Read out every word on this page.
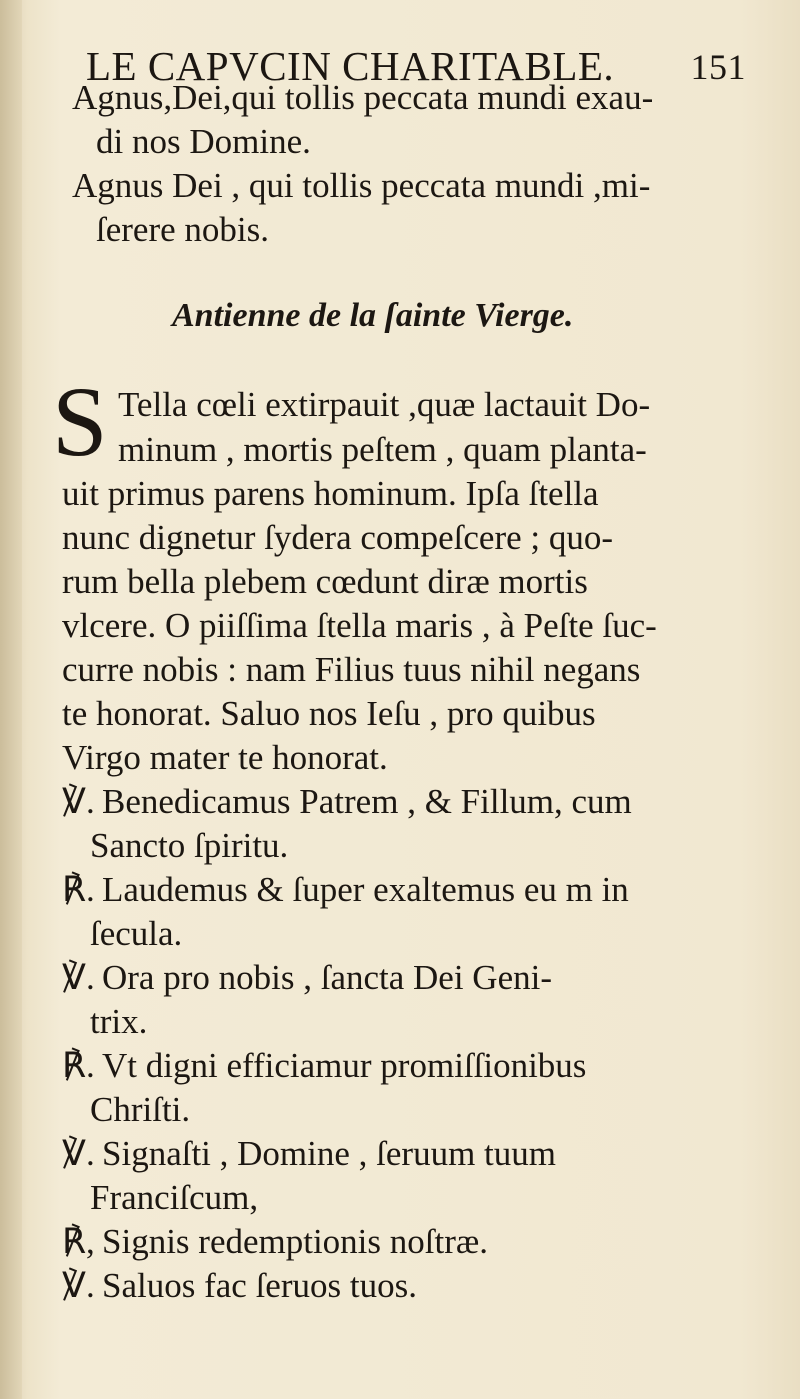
LE CAPVCIN CHARITABLE. 151
Agnus,Dei,qui tollis peccata mundi exau-
di nos Domine.
Agnus Dei , qui tollis peccata mundi ,mi-
ſerere nobis.
Antienne de la ſainte Vierge.
S Tella cœli extirpauit ,quæ lactauit Do-
minum , mortis peſtem , quam planta-
uit primus parens hominum. Ipſa ſtella
nunc dignetur ſydera compeſcere ; quo-
rum bella plebem cœdunt diræ mortis
vlcere. O piiſſima ſtella maris , à Peſte ſuc-
curre nobis : nam Filius tuus nihil negans
te honorat. Saluo nos Ieſu , pro quibus
Virgo mater te honorat.
℣. Benedicamus Patrem , & Fillum, cum
Sancto ſpiritu.
℟. Laudemus & ſuper exaltemus eu m in
ſecula.
℣. Ora pro nobis , ſancta Dei Geni-
trix.
℟. Vt digni efficiamur promiſſionibus
Chriſti.
℣. Signaſti , Domine , ſeruum tuum
Franciſcum,
℟, Signis redemptionis noſtræ.
℣. Saluos fac ſeruos tuos.
